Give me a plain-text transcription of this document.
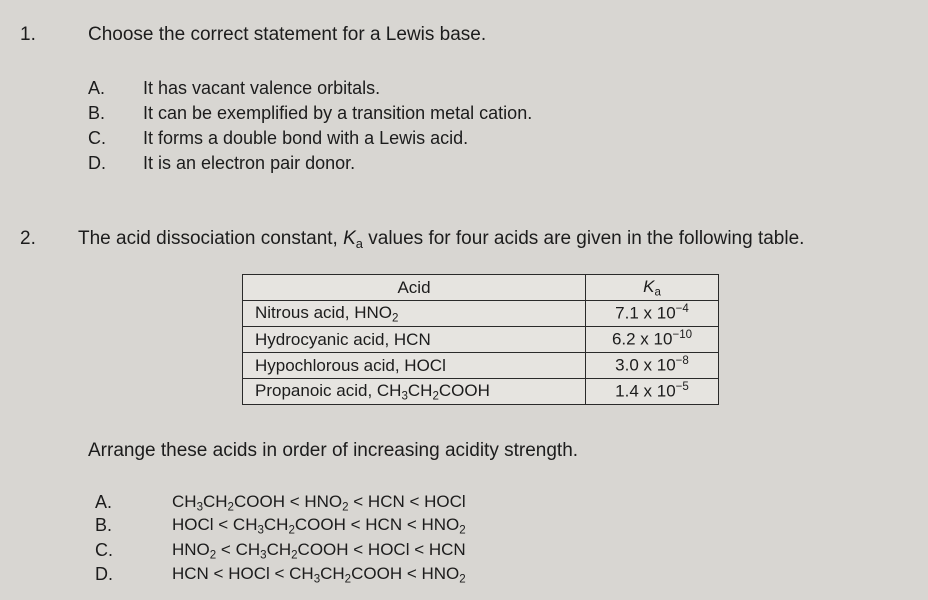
1.	Choose the correct statement for a Lewis base.
A. It has vacant valence orbitals.
B. It can be exemplified by a transition metal cation.
C. It forms a double bond with a Lewis acid.
D. It is an electron pair donor.
2. The acid dissociation constant, $K_a$ values for four acids are given in the following table.
Acid	$K_a$
Nitrous acid, $HNO_2$	7.1 x $10^{-4}$
Hydrocyanic acid, HCN	6.2 x $10^{-10}$
Hypochlorous acid, HOCl	3.0 x $10^{-8}$
Propanoic acid, $CH_3CH_2COOH$	1.4 x $10^{-5}$
Arrange these acids in order of increasing acidity strength.
A.	$CH_3CH_2COOH < HNO_2$ < HCN < HOCl
B.	HOCl < $CH_3CH_2COOH$ < HCN < $HNO_2$
C.	$HNO_2$ < $CH_3CH_2COOH$ < HOCl < HCN
D.	HCN < HOCl < $CH_3CH_2COOH < HNO_2$
